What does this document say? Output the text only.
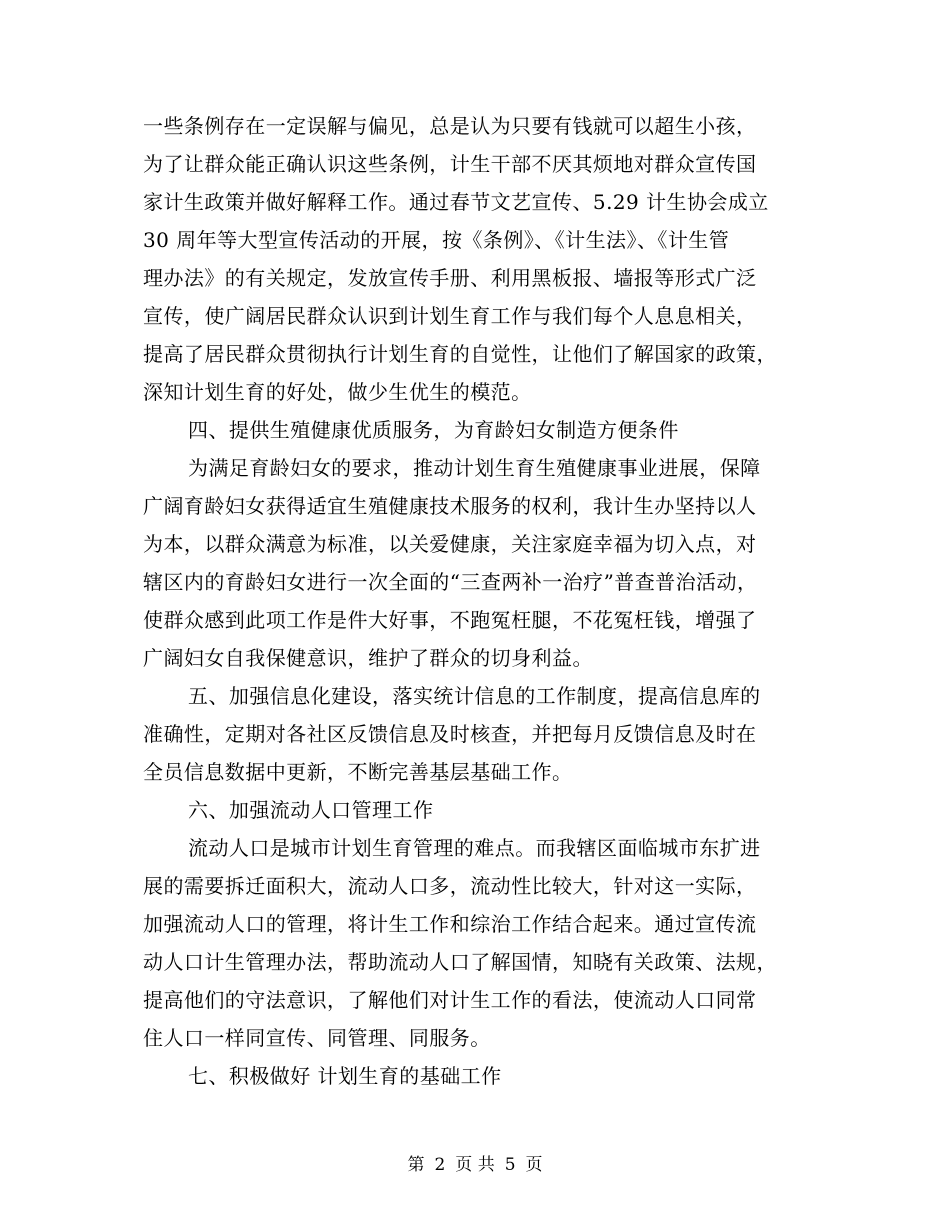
一些条例存在一定误解与偏见，总是认为只要有钱就可以超生小孩，
为了让群众能正确认识这些条例，计生干部不厌其烦地对群众宣传国
家计生政策并做好解释工作。通过春节文艺宣传、5.29 计生协会成立
30 周年等大型宣传活动的开展，按《条例》、《计生法》、《计生管
理办法》的有关规定，发放宣传手册、利用黑板报、墙报等形式广泛
宣传，使广阔居民群众认识到计划生育工作与我们每个人息息相关，
提高了居民群众贯彻执行计划生育的自觉性，让他们了解国家的政策，
深知计划生育的好处，做少生优生的模范。
四、提供生殖健康优质服务，为育龄妇女制造方便条件
为满足育龄妇女的要求，推动计划生育生殖健康事业进展，保障
广阔育龄妇女获得适宜生殖健康技术服务的权利，我计生办坚持以人
为本，以群众满意为标准，以关爱健康，关注家庭幸福为切入点，对
辖区内的育龄妇女进行一次全面的“三查两补一治疗”普查普治活动，
使群众感到此项工作是件大好事，不跑冤枉腿，不花冤枉钱，增强了
广阔妇女自我保健意识，维护了群众的切身利益。
五、加强信息化建设，落实统计信息的工作制度，提高信息库的
准确性，定期对各社区反馈信息及时核查，并把每月反馈信息及时在
全员信息数据中更新，不断完善基层基础工作。
六、加强流动人口管理工作
流动人口是城市计划生育管理的难点。而我辖区面临城市东扩进
展的需要拆迁面积大，流动人口多，流动性比较大，针对这一实际，
加强流动人口的管理，将计生工作和综治工作结合起来。通过宣传流
动人口计生管理办法，帮助流动人口了解国情，知晓有关政策、法规，
提高他们的守法意识，了解他们对计生工作的看法，使流动人口同常
住人口一样同宣传、同管理、同服务。
七、积极做好 计划生育的基础工作
第 2 页 共 5 页
